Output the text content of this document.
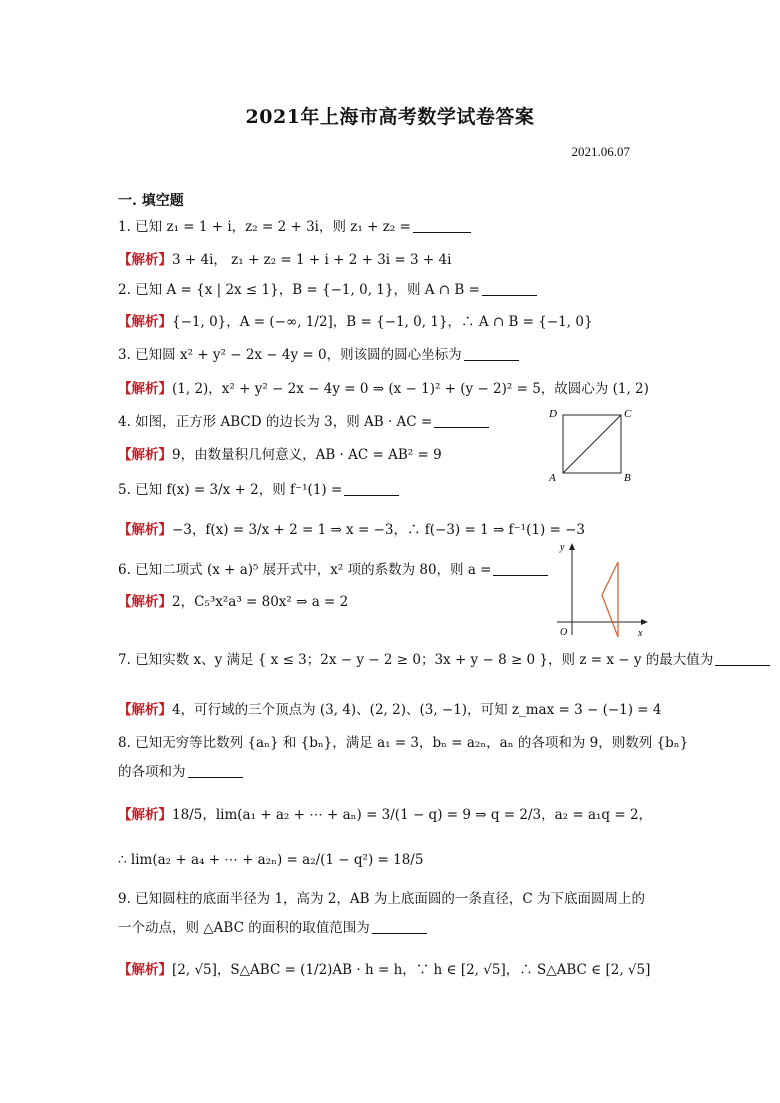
2021年上海市高考数学试卷答案
2021.06.07
一. 填空题
1. 已知 z₁ = 1 + i，z₂ = 2 + 3i，则 z₁ + z₂ =
【解析】3 + 4i， z₁ + z₂ = 1 + i + 2 + 3i = 3 + 4i
2. 已知 A = {x | 2x ≤ 1}，B = {−1, 0, 1}，则 A ∩ B =
【解析】{−1, 0}，A = (−∞, 1/2]，B = {−1, 0, 1}，∴ A ∩ B = {−1, 0}
3. 已知圆 x² + y² − 2x − 4y = 0，则该圆的圆心坐标为
【解析】(1, 2)，x² + y² − 2x − 4y = 0 ⇒ (x − 1)² + (y − 2)² = 5，故圆心为 (1, 2)
4. 如图，正方形 ABCD 的边长为 3，则 AB · AC =
【解析】9，由数量积几何意义，AB · AC = AB² = 9
D	C
A	B
5. 已知 f(x) = 3/x + 2，则 f⁻¹(1) =
【解析】−3，f(x) = 3/x + 2 = 1 ⇒ x = −3，∴ f(−3) = 1 ⇒ f⁻¹(1) = −3
6. 已知二项式 (x + a)⁵ 展开式中，x² 项的系数为 80，则 a =
【解析】2，C₅³x²a³ = 80x² ⇒ a = 2
y
x
O
7. 已知实数 x、y 满足 { x ≤ 3；2x − y − 2 ≥ 0；3x + y − 8 ≥ 0 }，则 z = x − y 的最大值为
【解析】4，可行域的三个顶点为 (3, 4)、(2, 2)、(3, −1)，可知 z_max = 3 − (−1) = 4
8. 已知无穷等比数列 {aₙ} 和 {bₙ}，满足 a₁ = 3，bₙ = a₂ₙ，aₙ 的各项和为 9，则数列 {bₙ}
的各项和为
【解析】18/5，lim(a₁ + a₂ + ⋯ + aₙ) = 3/(1 − q) = 9 ⇒ q = 2/3，a₂ = a₁q = 2，
∴ lim(a₂ + a₄ + ⋯ + a₂ₙ) = a₂/(1 − q²) = 18/5
9. 已知圆柱的底面半径为 1，高为 2，AB 为上底面圆的一条直径，C 为下底面圆周上的
一个动点，则 △ABC 的面积的取值范围为
【解析】[2, √5]，S△ABC = (1/2)AB · h = h，∵ h ∈ [2, √5]，∴ S△ABC ∈ [2, √5]
